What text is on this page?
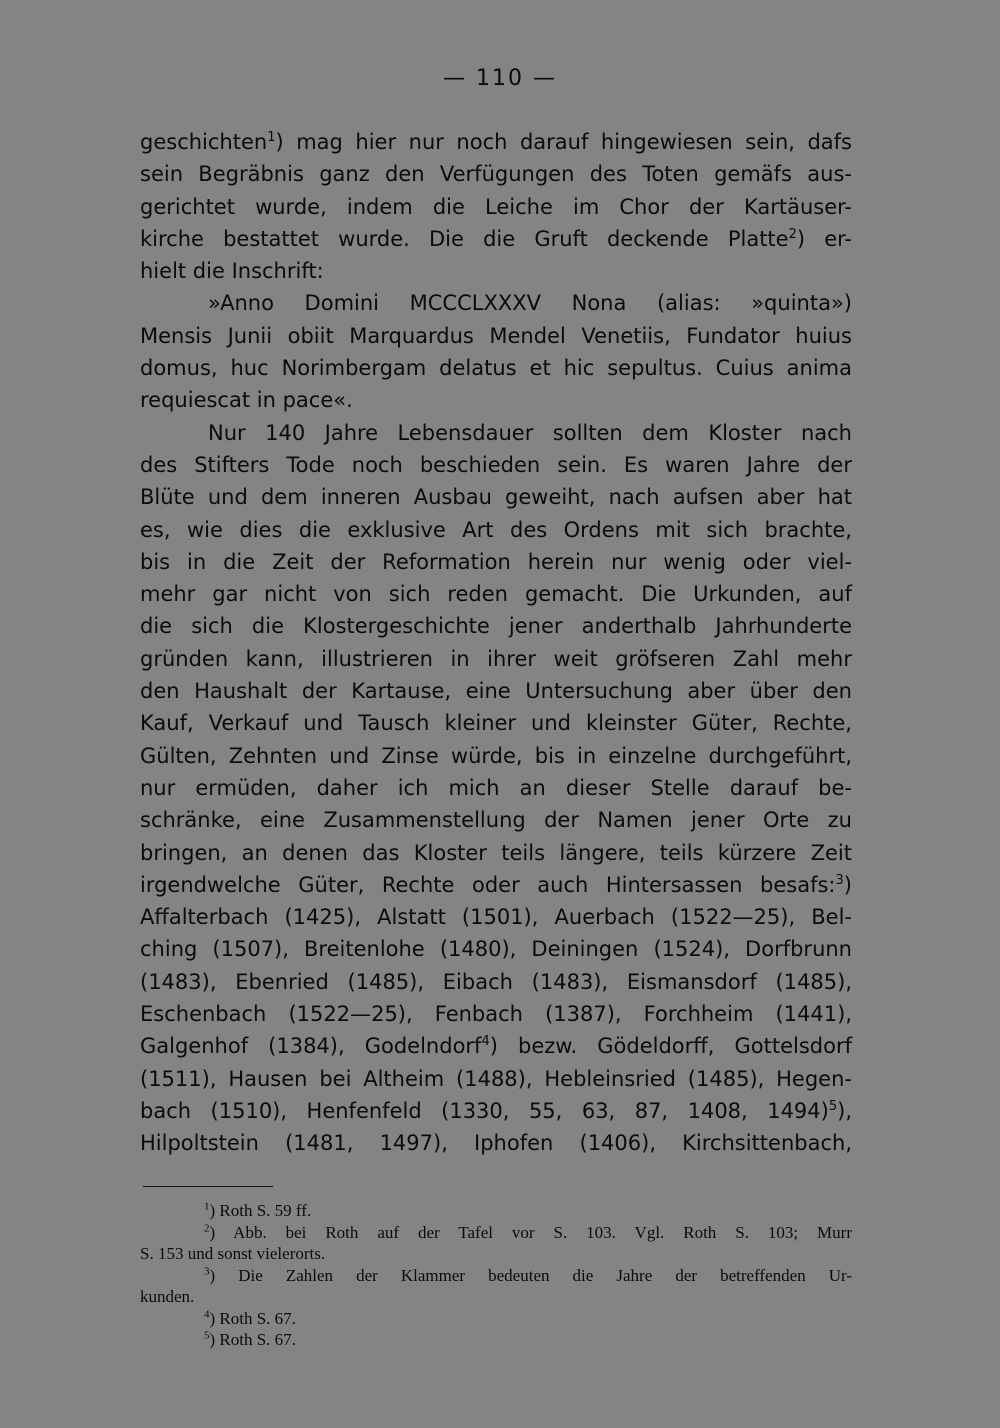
— 110 —
geschichten$^1$) mag hier nur noch darauf hingewiesen sein, dafs
sein Begräbnis ganz den Verfügungen des Toten gemäfs aus-
gerichtet wurde, indem die Leiche im Chor der Kartäuser-
kirche bestattet wurde. Die die Gruft deckende Platte$^2$) er-
hielt die Inschrift:
»Anno Domini MCCCLXXXV Nona (alias: »quinta»)
Mensis Junii obiit Marquardus Mendel Venetiis, Fundator huius
domus, huc Norimbergam delatus et hic sepultus. Cuius anima
requiescat in pace«.
Nur 140 Jahre Lebensdauer sollten dem Kloster nach
des Stifters Tode noch beschieden sein. Es waren Jahre der
Blüte und dem inneren Ausbau geweiht, nach aufsen aber hat
es, wie dies die exklusive Art des Ordens mit sich brachte,
bis in die Zeit der Reformation herein nur wenig oder viel-
mehr gar nicht von sich reden gemacht. Die Urkunden, auf
die sich die Klostergeschichte jener anderthalb Jahrhunderte
gründen kann, illustrieren in ihrer weit gröfseren Zahl mehr
den Haushalt der Kartause, eine Untersuchung aber über den
Kauf, Verkauf und Tausch kleiner und kleinster Güter, Rechte,
Gülten, Zehnten und Zinse würde, bis in einzelne durchgeführt,
nur ermüden, daher ich mich an dieser Stelle darauf be-
schränke, eine Zusammenstellung der Namen jener Orte zu
bringen, an denen das Kloster teils längere, teils kürzere Zeit
irgendwelche Güter, Rechte oder auch Hintersassen besafs:$^3$)
Affalterbach (1425), Alstatt (1501), Auerbach (1522—25), Bel-
ching (1507), Breitenlohe (1480), Deiningen (1524), Dorfbrunn
(1483), Ebenried (1485), Eibach (1483), Eismansdorf (1485),
Eschenbach (1522—25), Fenbach (1387), Forchheim (1441),
Galgenhof (1384), Godelndorf$^4$) bezw. Gödeldorff, Gottelsdorf
(1511), Hausen bei Altheim (1488), Hebleinsried (1485), Hegen-
bach (1510), Henfenfeld (1330, 55, 63, 87, 1408, 1494)$^5$),
Hilpoltstein (1481, 1497), Iphofen (1406), Kirchsittenbach,
$^1$) Roth S. 59 ff.
$^2$) Abb. bei Roth auf der Tafel vor S. 103. Vgl. Roth S. 103; Murr
S. 153 und sonst vielerorts.
$^3$) Die Zahlen der Klammer bedeuten die Jahre der betreffenden Ur-
kunden.
$^4$) Roth S. 67.
$^5$) Roth S. 67.
